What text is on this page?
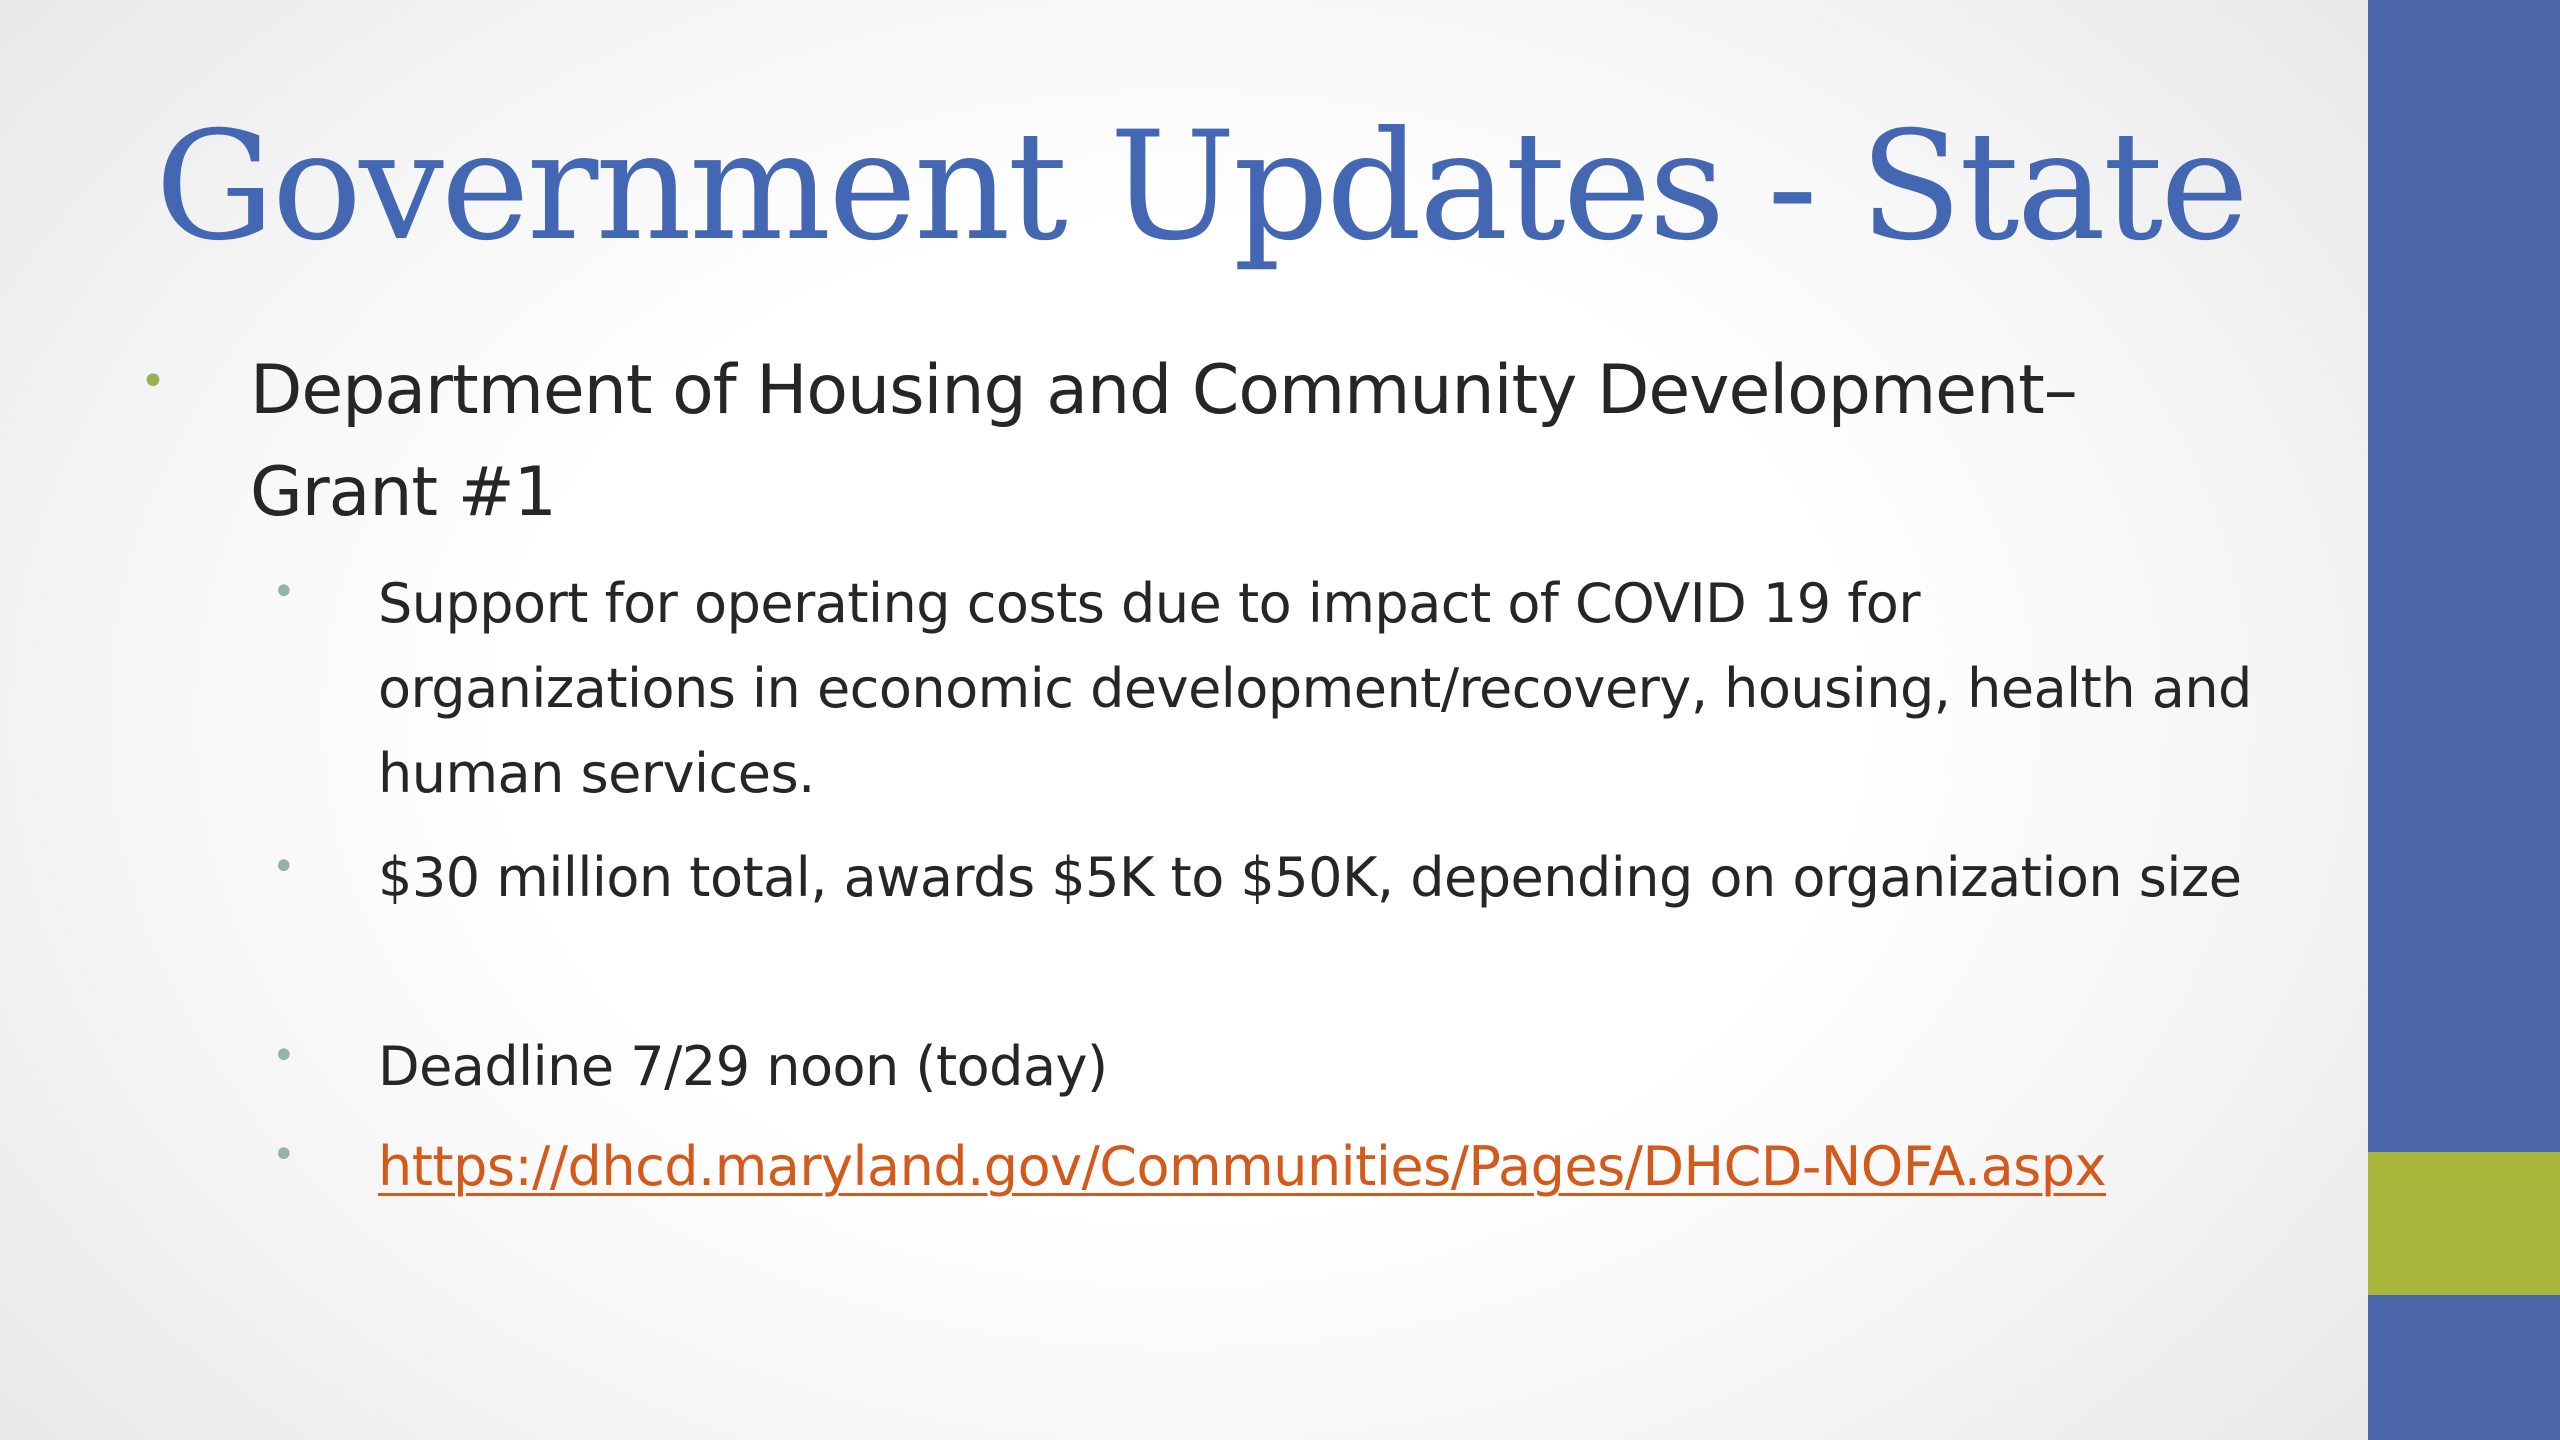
Government Updates - State
• Department of Housing and Community Development– Grant #1

• Support for operating costs due to impact of COVID 19 for organizations in economic development/recovery, housing, health and human services.

• $30 million total, awards $5K to $50K, depending on organization size

• Deadline 7/29 noon (today)

• https://dhcd.maryland.gov/Communities/Pages/DHCD-NOFA.aspx
